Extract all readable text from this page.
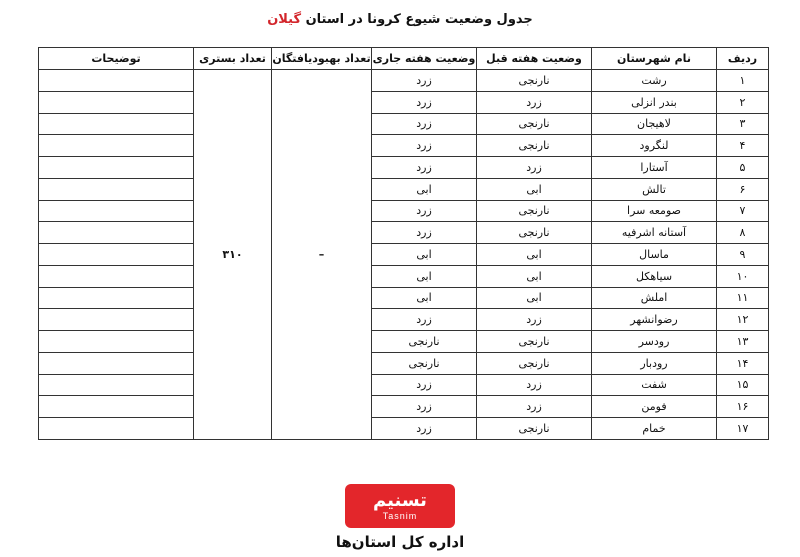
جدول وضعیت شیوع کرونا در استان گیلان
ردیف	نام شهرستان	وضعیت هفته قبل	وضعیت هفته جاری	تعداد بهبودیافتگان	تعداد بستری	توضیحات
۱	رشت	نارنجی	زرد	–	۳۱۰	
۲	بندر انزلی	زرد	زرد			
۳	لاهیجان	نارنجی	زرد			
۴	لنگرود	نارنجی	زرد			
۵	آستارا	زرد	زرد			
۶	تالش	ابی	ابی			
۷	صومعه سرا	نارنجی	زرد			
۸	آستانه اشرفیه	نارنجی	زرد			
۹	ماسال	ابی	ابی			
۱۰	سیاهکل	ابی	ابی			
۱۱	املش	ابی	ابی			
۱۲	رضوانشهر	زرد	زرد			
۱۳	رودسر	نارنجی	نارنجی			
۱۴	رودبار	نارنجی	نارنجی			
۱۵	شفت	زرد	زرد			
۱۶	فومن	زرد	زرد			
۱۷	خمام	نارنجی	زرد			
تسنیم
Tasnim
اداره کل استان‌ها
